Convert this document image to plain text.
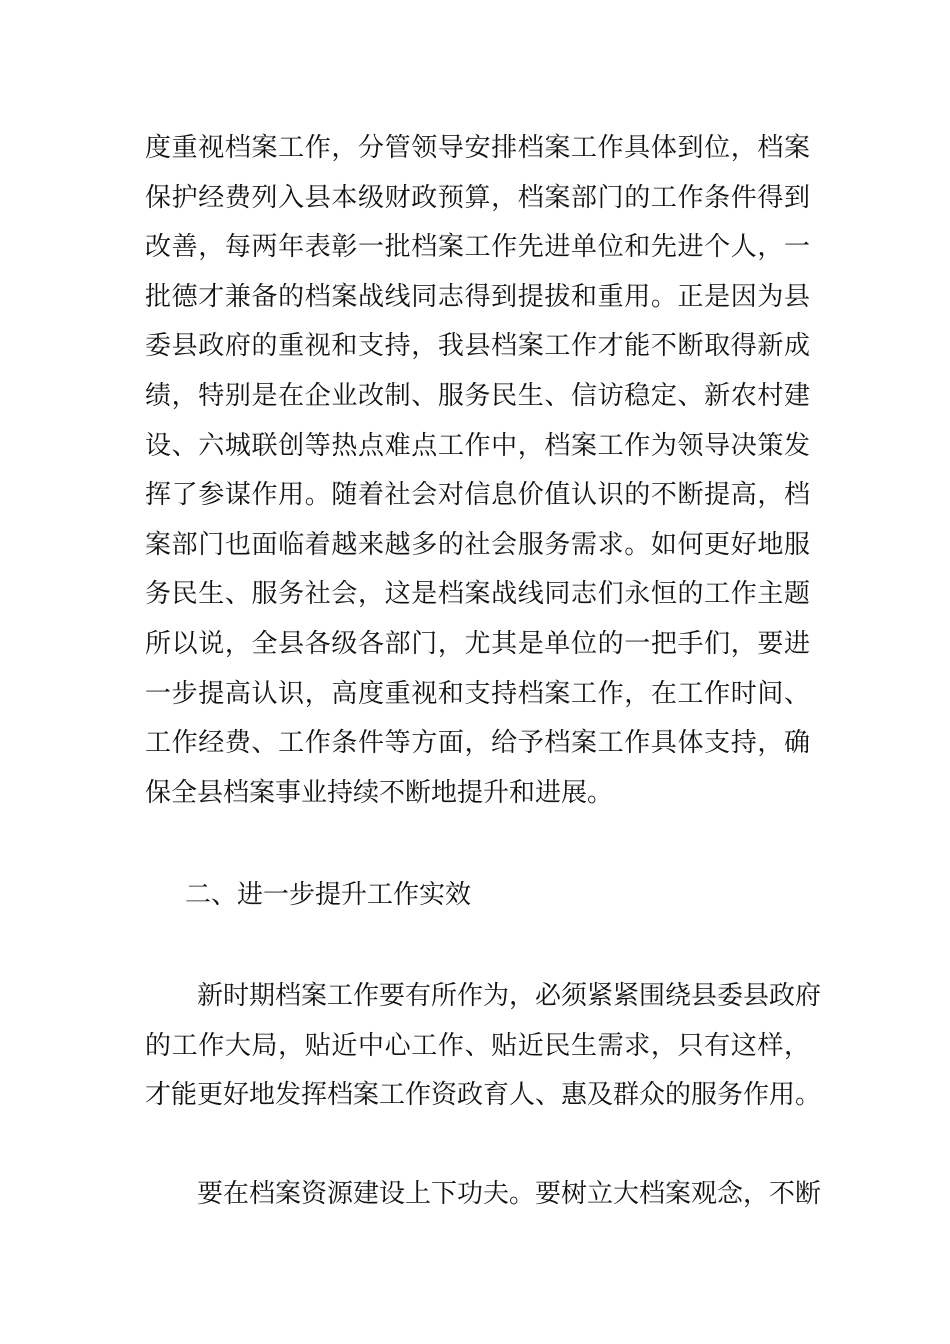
度重视档案工作，分管领导安排档案工作具体到位，档案
保护经费列入县本级财政预算，档案部门的工作条件得到
改善，每两年表彰一批档案工作先进单位和先进个人，一
批德才兼备的档案战线同志得到提拔和重用。正是因为县
委县政府的重视和支持，我县档案工作才能不断取得新成
绩，特别是在企业改制、服务民生、信访稳定、新农村建
设、六城联创等热点难点工作中，档案工作为领导决策发
挥了参谋作用。随着社会对信息价值认识的不断提高，档
案部门也面临着越来越多的社会服务需求。如何更好地服
务民生、服务社会，这是档案战线同志们永恒的工作主题
所以说，全县各级各部门，尤其是单位的一把手们，要进
一步提高认识，高度重视和支持档案工作，在工作时间、
工作经费、工作条件等方面，给予档案工作具体支持，确
保全县档案事业持续不断地提升和进展。
二、进一步提升工作实效
　　新时期档案工作要有所作为，必须紧紧围绕县委县政府
的工作大局，贴近中心工作、贴近民生需求，只有这样，
才能更好地发挥档案工作资政育人、惠及群众的服务作用。
　　要在档案资源建设上下功夫。要树立大档案观念，不断
